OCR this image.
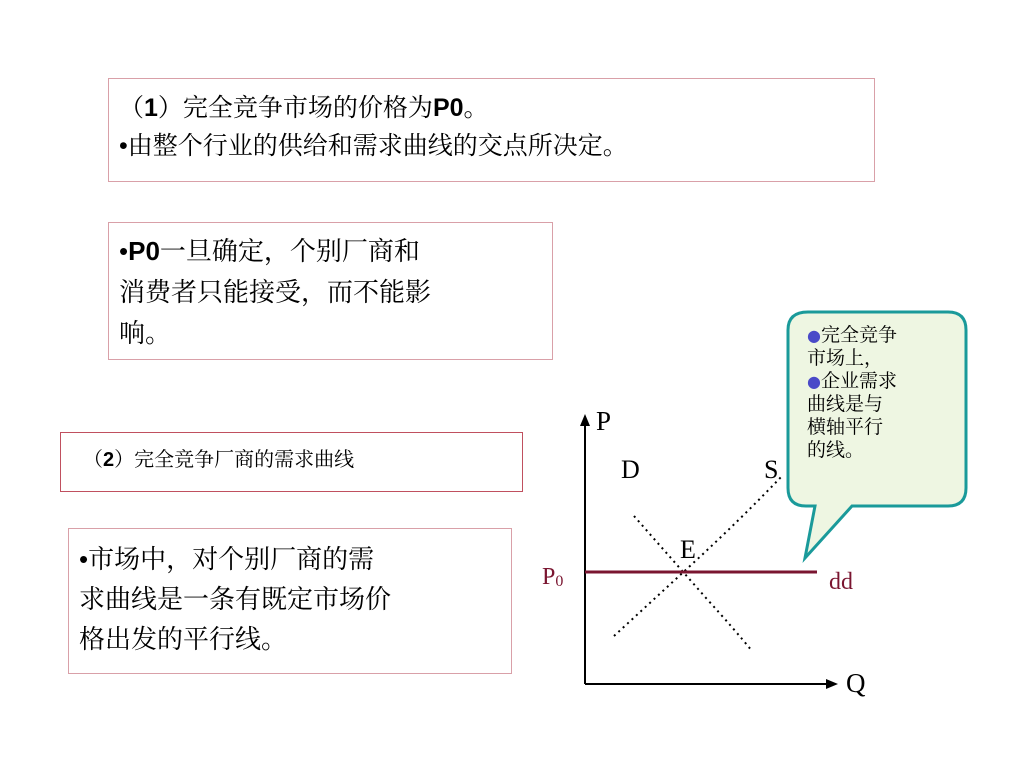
（1）完全竞争市场的价格为P0。
•由整个行业的供给和需求曲线的交点所决定。
•P0一旦确定，个别厂商和
消费者只能接受，而不能影
响。
（2）完全竞争厂商的需求曲线
•市场中，对个别厂商的需
求曲线是一条有既定市场价
格出发的平行线。
P
Q
D	S
E
P0	dd
●完全竞争
市场上，
●企业需求
曲线是与
横轴平行
的线。
